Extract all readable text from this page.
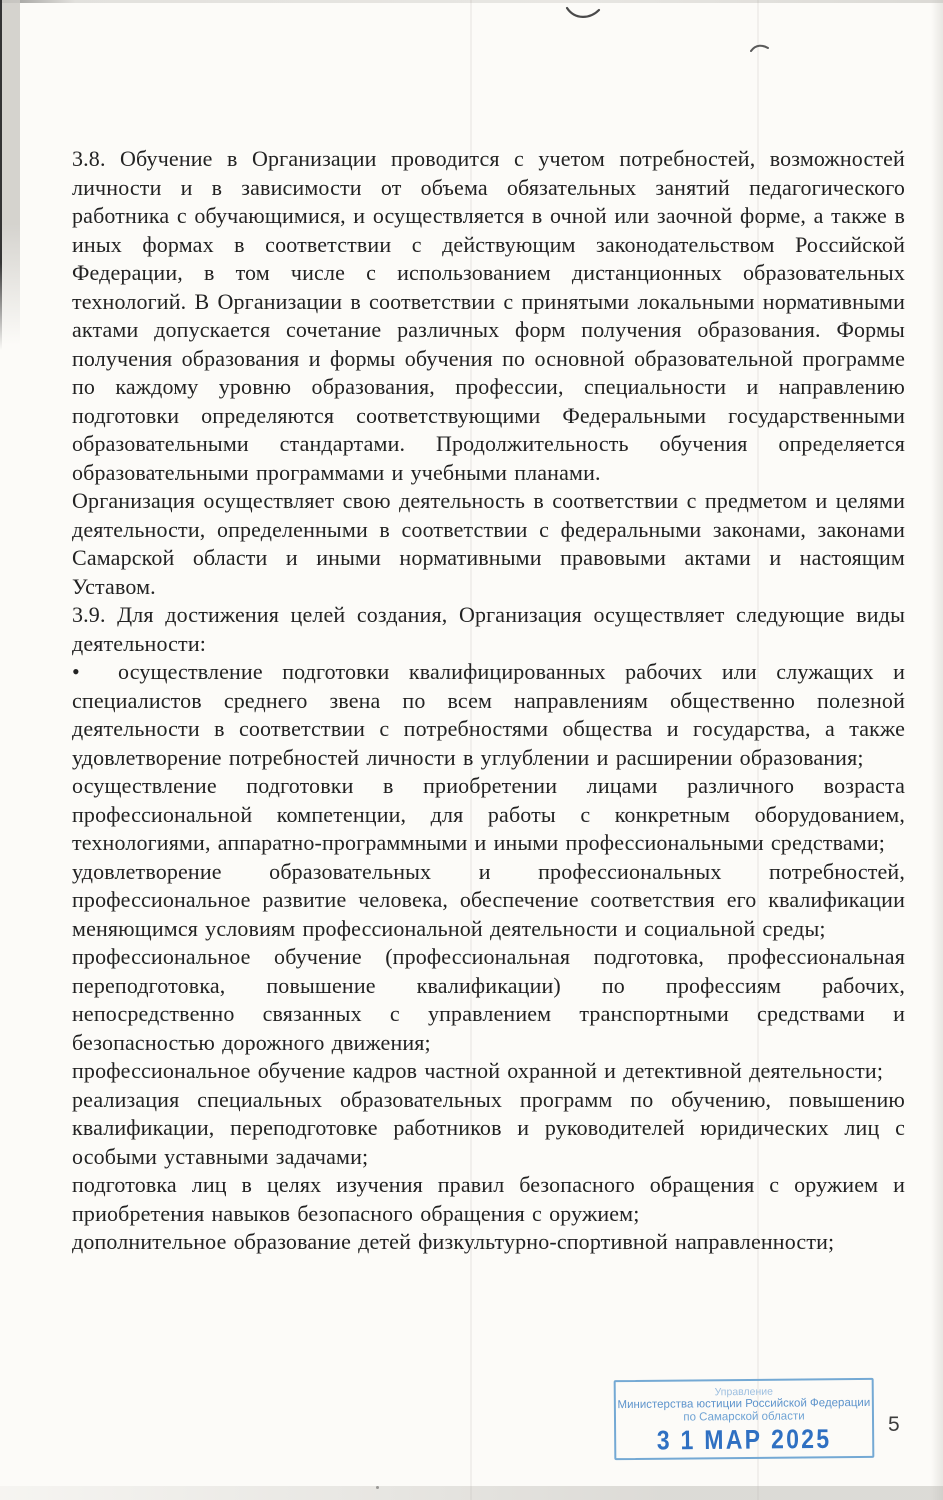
3.8. Обучение в Организации проводится с учетом потребностей, возможностей личности и в зависимости от объема обязательных занятий педагогического работника с обучающимися, и осуществляется в очной или заочной форме, а также в иных формах в соответствии с действующим законодательством Российской Федерации, в том числе с использованием дистанционных образовательных технологий. В Организации в соответствии с принятыми локальными нормативными актами допускается сочетание различных форм получения образования. Формы получения образования и формы обучения по основной образовательной программе по каждому уровню образования, профессии, специальности и направлению подготовки определяются соответствующими Федеральными государственными образовательными стандартами. Продолжительность обучения определяется образовательными программами и учебными планами.
Организация осуществляет свою деятельность в соответствии с предметом и целями деятельности, определенными в соответствии с федеральными законами, законами Самарской области и иными нормативными правовыми актами и настоящим Уставом.
3.9. Для достижения целей создания, Организация осуществляет следующие виды деятельности:
• осуществление подготовки квалифицированных рабочих или служащих и специалистов среднего звена по всем направлениям общественно полезной деятельности в соответствии с потребностями общества и государства, а также удовлетворение потребностей личности в углублении и расширении образования;
осуществление подготовки в приобретении лицами различного возраста профессиональной компетенции, для работы с конкретным оборудованием, технологиями, аппаратно-программными и иными профессиональными средствами;
удовлетворение образовательных и профессиональных потребностей, профессиональное развитие человека, обеспечение соответствия его квалификации меняющимся условиям профессиональной деятельности и социальной среды;
профессиональное обучение (профессиональная подготовка, профессиональная переподготовка, повышение квалификации) по профессиям рабочих, непосредственно связанных с управлением транспортными средствами и безопасностью дорожного движения;
профессиональное обучение кадров частной охранной и детективной деятельности;
реализация специальных образовательных программ по обучению, повышению квалификации, переподготовке работников и руководителей юридических лиц с особыми уставными задачами;
подготовка лиц в целях изучения правил безопасного обращения с оружием и приобретения навыков безопасного обращения с оружием;
дополнительное образование детей физкультурно-спортивной направленности;
Управление
Министерства юстиции Российской Федерации
по Самарской области
3 1 МАР 2025	5
